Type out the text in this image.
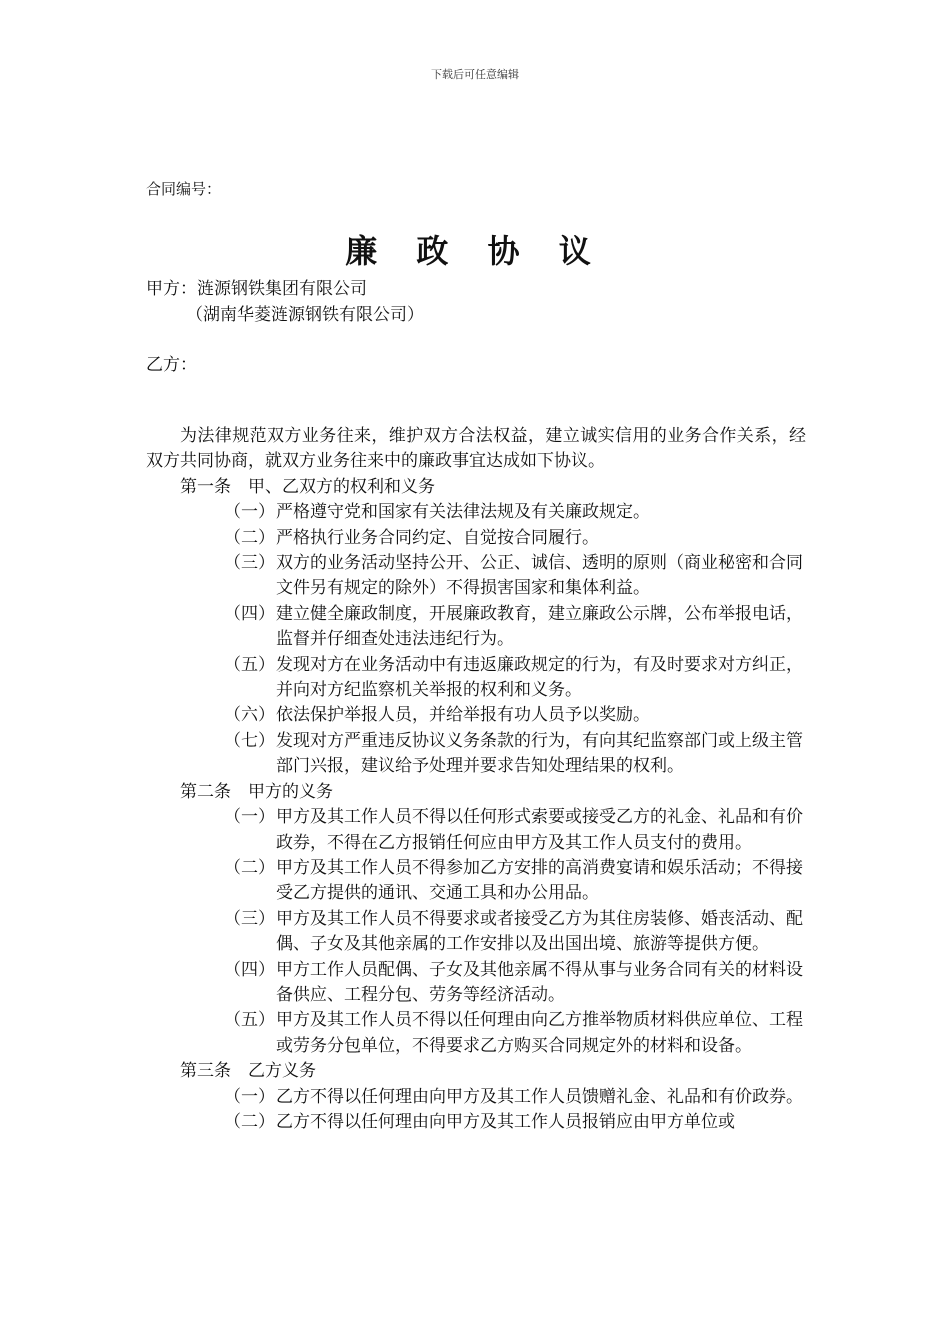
下载后可任意编辑
合同编号：
廉 政 协 议
甲方：涟源钢铁集团有限公司
（湖南华菱涟源钢铁有限公司）
乙方：

为法律规范双方业务往来，维护双方合法权益，建立诚实信用的业务合作关系，经双方共同协商，就双方业务往来中的廉政事宜达成如下协议。

第一条　甲、乙双方的权利和义务
（一） 严格遵守党和国家有关法律法规及有关廉政规定。
（二） 严格执行业务合同约定、自觉按合同履行。
（三） 双方的业务活动坚持公开、公正、诚信、透明的原则（商业秘密和合同文件另有规定的除外）不得损害国家和集体利益。
（四） 建立健全廉政制度，开展廉政教育，建立廉政公示牌，公布举报电话，监督并仔细查处违法违纪行为。
（五） 发现对方在业务活动中有违返廉政规定的行为，有及时要求对方纠正，并向对方纪监察机关举报的权利和义务。
（六） 依法保护举报人员，并给举报有功人员予以奖励。
（七） 发现对方严重违反协议义务条款的行为，有向其纪监察部门或上级主管部门兴报，建议给予处理并要求告知处理结果的权利。
第二条　甲方的义务
（一） 甲方及其工作人员不得以任何形式索要或接受乙方的礼金、礼品和有价政券，不得在乙方报销任何应由甲方及其工作人员支付的费用。
（二） 甲方及其工作人员不得参加乙方安排的高消费宴请和娱乐活动；不得接受乙方提供的通讯、交通工具和办公用品。
（三） 甲方及其工作人员不得要求或者接受乙方为其住房装修、婚丧活动、配偶、子女及其他亲属的工作安排以及出国出境、旅游等提供方便。
（四） 甲方工作人员配偶、子女及其他亲属不得从事与业务合同有关的材料设备供应、工程分包、劳务等经济活动。
（五） 甲方及其工作人员不得以任何理由向乙方推举物质材料供应单位、工程或劳务分包单位，不得要求乙方购买合同规定外的材料和设备。
第三条　乙方义务
（一） 乙方不得以任何理由向甲方及其工作人员馈赠礼金、礼品和有价政券。
（二） 乙方不得以任何理由向甲方及其工作人员报销应由甲方单位或
